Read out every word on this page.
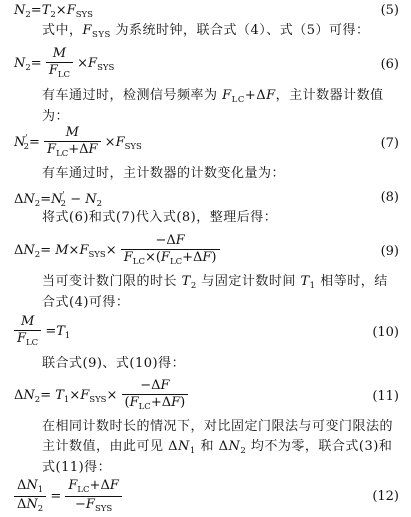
$N_2=T_2\times F_{SYS}$	(5)
式中，$F_{SYS}$ 为系统时钟，联合式（4）、式（5）可得：
$N_2= \frac{M}{F_{LC}} \times F_{SYS}$	(6)
有车通过时，检测信号频率为 $F_{LC}+\Delta F$，主计数器计数值为：
$N'_2= \frac{M}{F_{LC}+\Delta F} \times F_{SYS}$	(7)
有车通过时，主计数器的计数变化量为：
$\Delta N_2=N'_2 - N_2$	(8)
将式(6)和式(7)代入式(8)，整理后得：
$\Delta N_2= M\times F_{SYS}\times \frac{-\Delta F}{F_{LC}\times(F_{LC}+\Delta F)}$	(9)
当可变计数门限的时长 $T_2$ 与固定计数时间 $T_1$ 相等时，结合式(4)可得：
$\frac{M}{F_{LC}} =T_1$	(10)
联合式(9)、式(10)得：
$\Delta N_2= T_1\times F_{SYS}\times \frac{-\Delta F}{(F_{LC}+\Delta F)}$	(11)
在相同计数时长的情况下，对比固定门限法与可变门限法的主计数值，由此可见 $\Delta N_1$ 和 $\Delta N_2$ 均不为零，联合式(3)和式(11)得：
$\frac{\Delta N_1}{\Delta N_2} = \frac{F_{LC}+\Delta F}{-F_{SYS}}$	(12)
